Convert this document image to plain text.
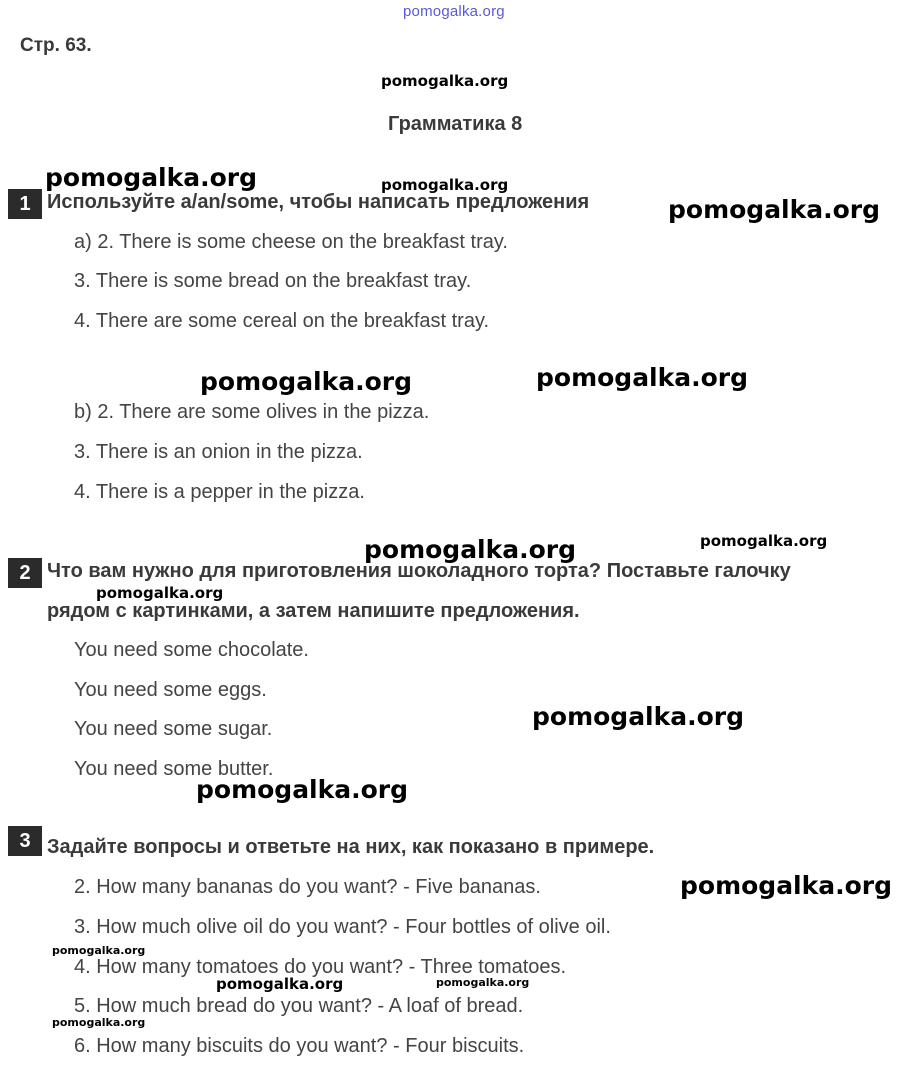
pomogalka.org
Стр. 63.
pomogalka.org
Грамматика 8
pomogalka.org	pomogalka.org
1 Используйте a/an/some, чтобы написать предложения	pomogalka.org
a) 2. There is some cheese on the breakfast tray.
3. There is some bread on the breakfast tray.
4. There are some cereal on the breakfast tray.
pomogalka.org	pomogalka.org
b) 2. There are some olives in the pizza.
3. There is an onion in the pizza.
4. There is a pepper in the pizza.
pomogalka.org
pomogalka.org
2 Что вам нужно для приготовления шоколадного торта? Поставьте галочку
pomogalka.org
рядом с картинками, а затем напишите предложения.
You need some chocolate.
You need some eggs.
pomogalka.org
You need some sugar.
You need some butter.
pomogalka.org
3 Задайте вопросы и ответьте на них, как показано в примере.
2. How many bananas do you want? - Five bananas.	pomogalka.org
3. How much olive oil do you want? - Four bottles of olive oil.
pomogalka.org
4. How many tomatoes do you want? - Three tomatoes.
pomogalka.org	pomogalka.org
5. How much bread do you want? - A loaf of bread.
pomogalka.org
6. How many biscuits do you want? - Four biscuits.
